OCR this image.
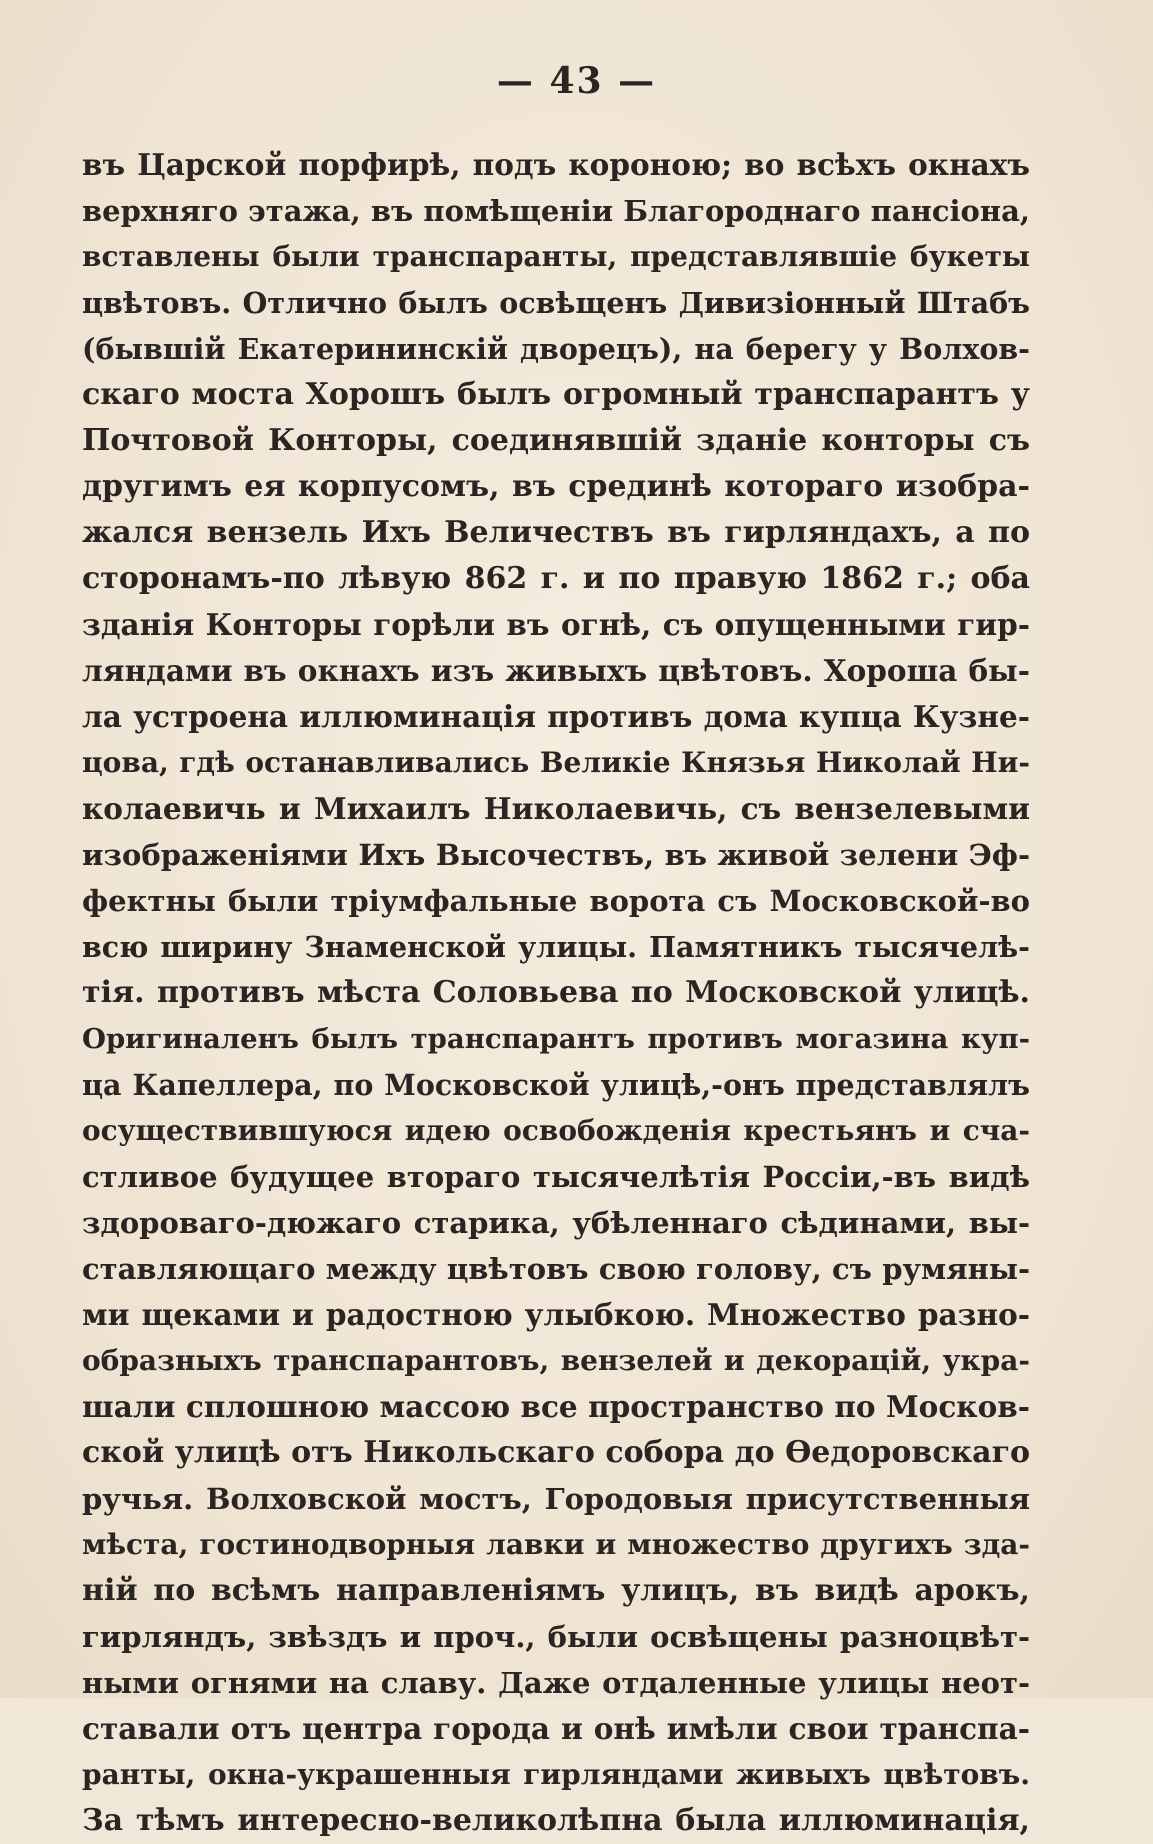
— 43 —
въ Царской порфирѣ, подъ короною; во всѣхъ окнахъ
верхняго этажа, въ помѣщеніи Благороднаго пансіона,
вставлены были транспаранты, представлявшіе букеты
цвѣтовъ. Отлично былъ освѣщенъ Дивизіонный Штабъ
(бывшій Екатерининскій дворецъ), на берегу у Волхов-
скаго моста Хорошъ былъ огромный транспарантъ у
Почтовой Конторы, соединявшій зданіе конторы съ
другимъ ея корпусомъ, въ срединѣ котораго изобра-
жался вензель Ихъ Величествъ въ гирляндахъ, а по
сторонамъ-по лѣвую 862 г. и по правую 1862 г.; оба
зданія Конторы горѣли въ огнѣ, съ опущенными гир-
ляндами въ окнахъ изъ живыхъ цвѣтовъ. Хороша бы-
ла устроена иллюминація противъ дома купца Кузне-
цова, гдѣ останавливались Великіе Князья Николай Ни-
колаевичь и Михаилъ Николаевичь, съ вензелевыми
изображеніями Ихъ Высочествъ, въ живой зелени Эф-
фектны были тріумфальные ворота съ Московской-во
всю ширину Знаменской улицы. Памятникъ тысячелѣ-
тія. противъ мѣста Соловьева по Московской улицѣ.
Оригиналенъ былъ транспарантъ противъ могазина куп-
ца Капеллера, по Московской улицѣ,-онъ представлялъ
осуществившуюся идею освобожденія крестьянъ и сча-
стливое будущее втораго тысячелѣтія Россіи,-въ видѣ
здороваго-дюжаго старика, убѣленнаго сѣдинами, вы-
ставляющаго между цвѣтовъ свою голову, съ румяны-
ми щеками и радостною улыбкою. Множество разно-
образныхъ транспарантовъ, вензелей и декорацій, укра-
шали сплошною массою все пространство по Москов-
ской улицѣ отъ Никольскаго собора до Ѳедоровскаго
ручья. Волховской мостъ, Городовыя присутственныя
мѣста, гостинодворныя лавки и множество другихъ зда-
ній по всѣмъ направленіямъ улицъ, въ видѣ арокъ,
гирляндъ, звѣздъ и проч., были освѣщены разноцвѣт-
ными огнями на славу. Даже отдаленные улицы неот-
ставали отъ центра города и онѣ имѣли свои транспа-
ранты, окна-украшенныя гирляндами живыхъ цвѣтовъ.
За тѣмъ интересно-великолѣпна была иллюминація,
